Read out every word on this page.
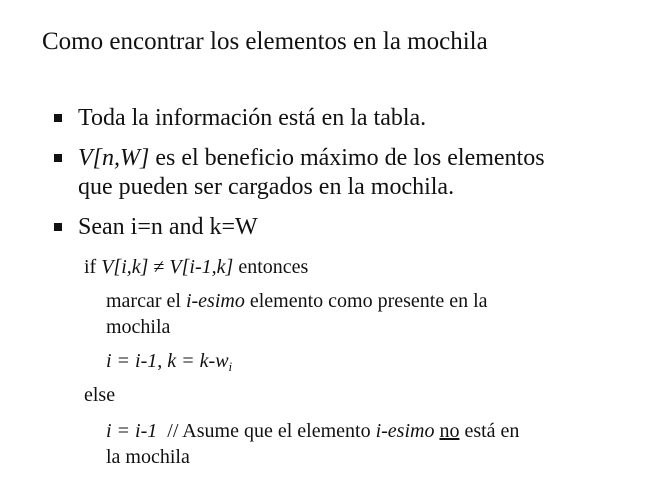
Como encontrar los elementos en la mochila
Toda la información está en la tabla.
V[n,W] es el beneficio máximo de los elementos
que pueden ser cargados en la mochila.
Sean i=n and k=W
if V[i,k] ≠ V[i-1,k] entonces
marcar el i-esimo elemento como presente en la
mochila
i = i-1, $k = k-w_i$
else
i = i-1  // Asume que el elemento i-esimo no está en
la mochila
